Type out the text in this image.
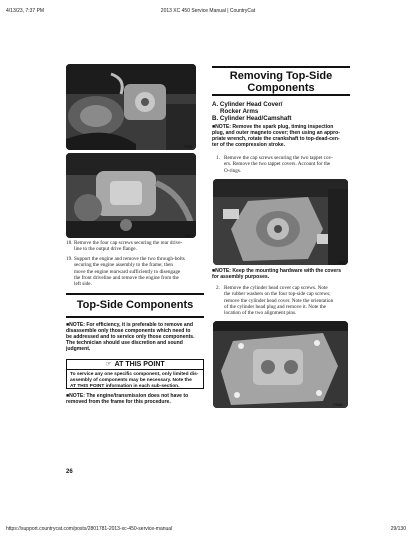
4/13/23, 7:37 PM	2013 XC 450 Service Manual | CountryCat
FI928
FI807
18. Remove the four cap screws securing the rear drive-
line to the output drive flange.
19. Support the engine and remove the two through-bolts
securing the engine assembly to the frame; then
move the engine rearward sufficiently to disengage
the front driveline and remove the engine from the
left side.
Top-Side Components
■NOTE: For efficiency, it is preferable to remove and
disassemble only those components which need to
be addressed and to service only those components.
The technician should use discretion and sound
judgment.
☞ AT THIS POINT
To service any one specific component, only limited dis-
assembly of components may be necessary. Note the
AT THIS POINT information in each sub-section.
■NOTE: The engine/transmission does not have to
removed from the frame for this procedure.
26
Removing Top-Side
Components
A. Cylinder Head Cover/
Rocker Arms
B. Cylinder Head/Camshaft
■NOTE: Remove the spark plug, timing inspection
plug, and outer magneto cover; then using an appro-
priate wrench, rotate the crankshaft to top-dead-cen-
ter of the compression stroke.
1. Remove the cap screws securing the two tappet cov-
ers. Remove the two tappet covers. Account for the
O-rings.
FI832
■NOTE: Keep the mounting hardware with the covers
for assembly purposes.
2. Remove the cylinder head cover cap screws. Note
the rubber washers on the four top-side cap screws;
remove the cylinder head cover. Note the orientation
of the cylinder head plug and remove it. Note the
location of the two alignment pins.
FI838A
https://support.countrycat.com/posts/2801781-2013-xc-450-service-manual	29/130
